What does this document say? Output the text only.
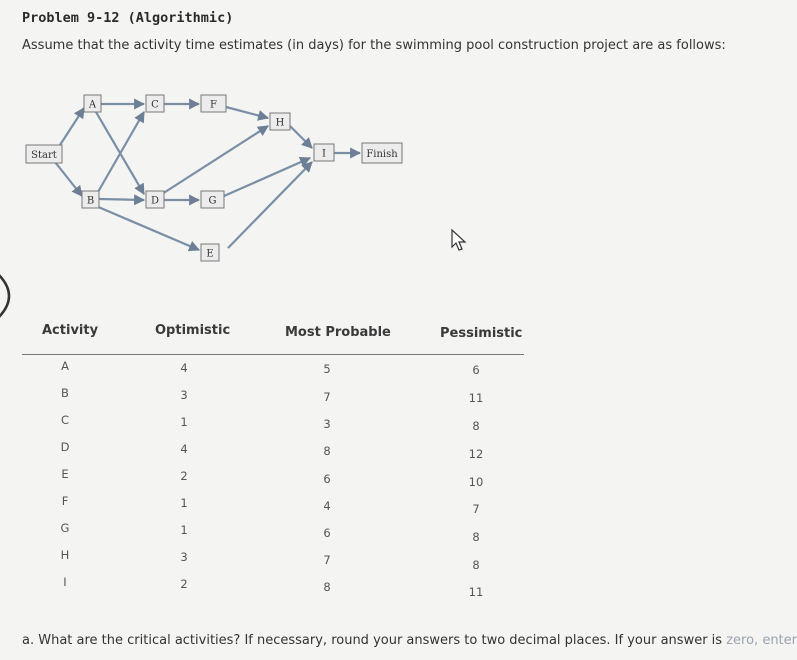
Problem 9-12 (Algorithmic)
Assume that the activity time estimates (in days) for the swimming pool construction project are as follows:
Start
A
B
C
D
E
F
G
H
I	Finish
Activity	Optimistic	Most Probable	Pessimistic
A	4	5	6
B	3	7	11
C	1	3	8
D	4	8	12
E	2	6	10
F	1	4	7
G	1	6	8
H	3	7	8
I	2	8	11
a. What are the critical activities? If necessary, round your answers to two decimal places. If your answer is zero, enter
